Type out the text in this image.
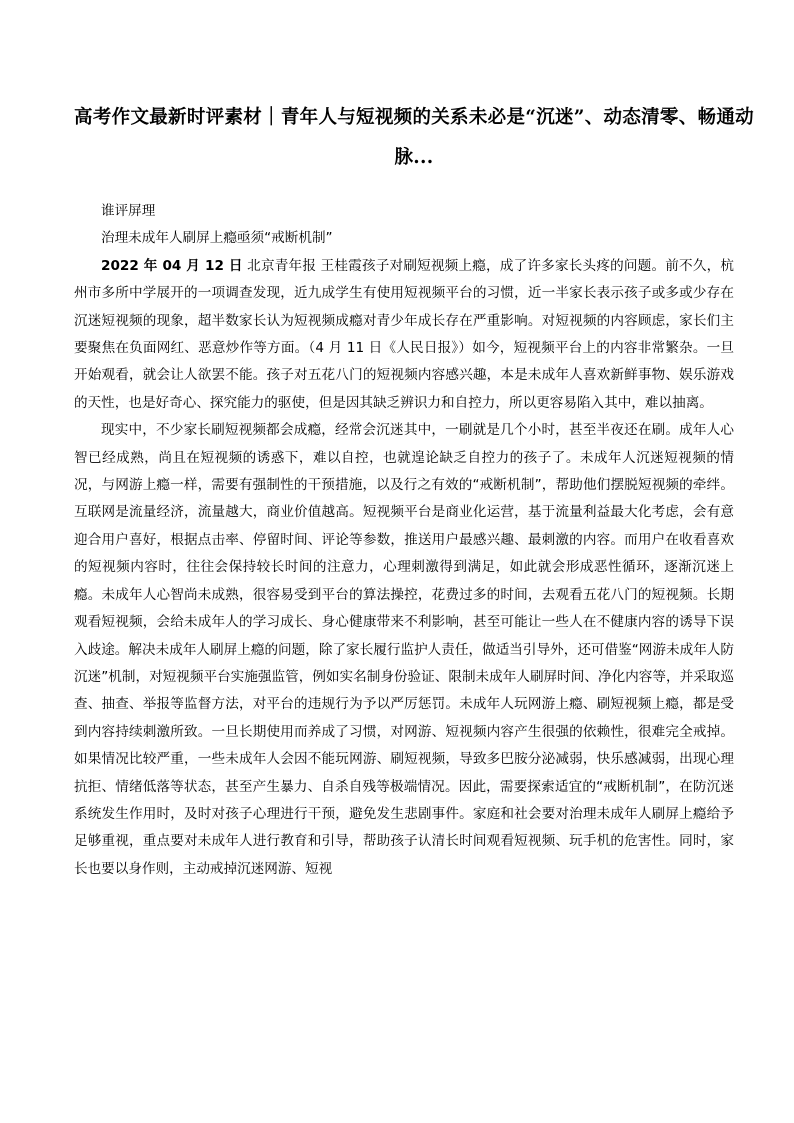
高考作文最新时评素材｜青年人与短视频的关系未必是“沉迷”、动态清零、畅通动脉...

谁评屏理

治理未成年人刷屏上瘾亟须“戒断机制”

2022 年 04 月 12 日 北京青年报 王桂霞孩子对刷短视频上瘾，成了许多家长头疼的问题。前不久，杭州市多所中学展开的一项调查发现，近九成学生有使用短视频平台的习惯，近一半家长表示孩子或多或少存在沉迷短视频的现象，超半数家长认为短视频成瘾对青少年成长存在严重影响。对短视频的内容顾虑，家长们主要聚焦在负面网红、恶意炒作等方面。（4 月 11 日《人民日报》）如今，短视频平台上的内容非常繁杂。一旦开始观看，就会让人欲罢不能。孩子对五花八门的短视频内容感兴趣，本是未成年人喜欢新鲜事物、娱乐游戏的天性，也是好奇心、探究能力的驱使，但是因其缺乏辨识力和自控力，所以更容易陷入其中，难以抽离。

现实中，不少家长刷短视频都会成瘾，经常会沉迷其中，一刷就是几个小时，甚至半夜还在刷。成年人心智已经成熟，尚且在短视频的诱惑下，难以自控，也就遑论缺乏自控力的孩子了。未成年人沉迷短视频的情况，与网游上瘾一样，需要有强制性的干预措施，以及行之有效的“戒断机制”，帮助他们摆脱短视频的牵绊。互联网是流量经济，流量越大，商业价值越高。短视频平台是商业化运营，基于流量利益最大化考虑，会有意迎合用户喜好，根据点击率、停留时间、评论等参数，推送用户最感兴趣、最刺激的内容。而用户在收看喜欢的短视频内容时，往往会保持较长时间的注意力，心理刺激得到满足，如此就会形成恶性循环，逐渐沉迷上瘾。未成年人心智尚未成熟，很容易受到平台的算法操控，花费过多的时间，去观看五花八门的短视频。长期观看短视频，会给未成年人的学习成长、身心健康带来不利影响，甚至可能让一些人在不健康内容的诱导下误入歧途。解决未成年人刷屏上瘾的问题，除了家长履行监护人责任，做适当引导外，还可借鉴“网游未成年人防沉迷”机制，对短视频平台实施强监管，例如实名制身份验证、限制未成年人刷屏时间、净化内容等，并采取巡查、抽查、举报等监督方法，对平台的违规行为予以严厉惩罚。未成年人玩网游上瘾、刷短视频上瘾，都是受到内容持续刺激所致。一旦长期使用而养成了习惯，对网游、短视频内容产生很强的依赖性，很难完全戒掉。如果情况比较严重，一些未成年人会因不能玩网游、刷短视频，导致多巴胺分泌减弱，快乐感减弱，出现心理抗拒、情绪低落等状态，甚至产生暴力、自杀自残等极端情况。因此，需要探索适宜的“戒断机制”，在防沉迷系统发生作用时，及时对孩子心理进行干预，避免发生悲剧事件。家庭和社会要对治理未成年人刷屏上瘾给予足够重视，重点要对未成年人进行教育和引导，帮助孩子认清长时间观看短视频、玩手机的危害性。同时，家长也要以身作则，主动戒掉沉迷网游、短视
